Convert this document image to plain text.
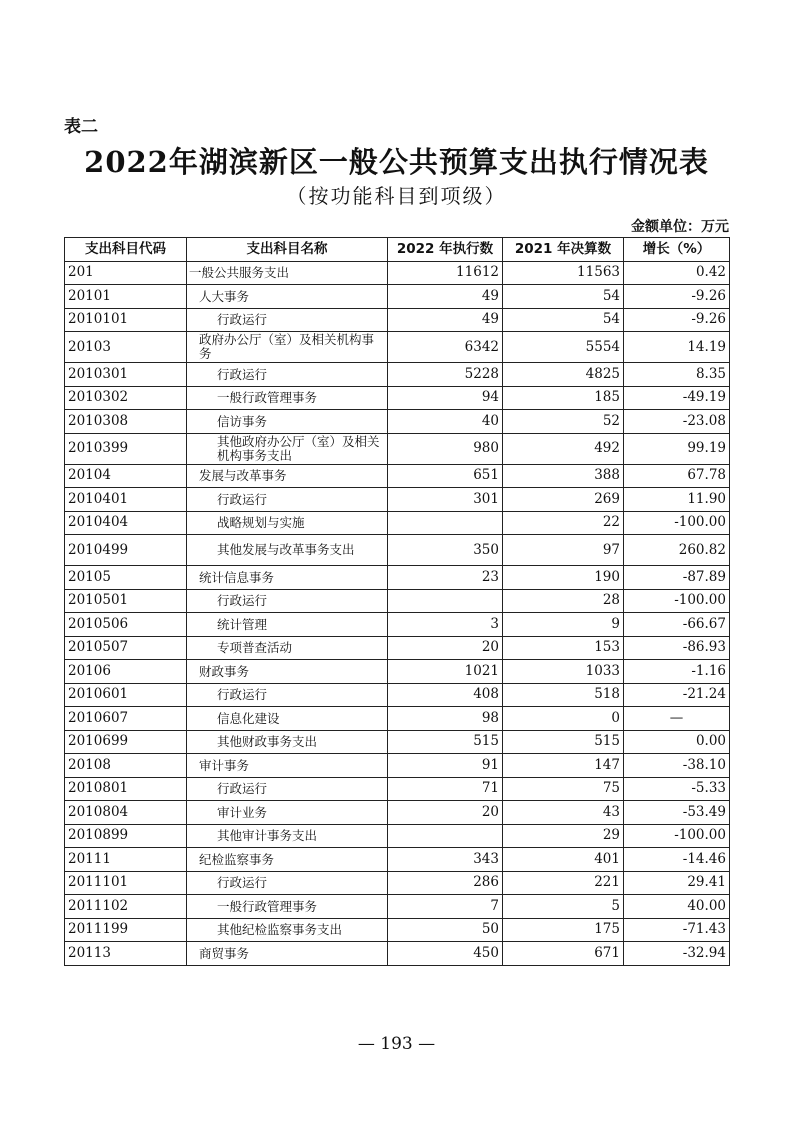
表二
2022年湖滨新区一般公共预算支出执行情况表
（按功能科目到项级）
金额单位：万元
支出科目代码	支出科目名称	2022 年执行数	2021 年决算数	增长（%）
201	一般公共服务支出	11612	11563	0.42
20101	人大事务	49	54	-9.26
2010101	行政运行	49	54	-9.26
20103	政府办公厅（室）及相关机构事务	6342	5554	14.19
2010301	行政运行	5228	4825	8.35
2010302	一般行政管理事务	94	185	-49.19
2010308	信访事务	40	52	-23.08
2010399	其他政府办公厅（室）及相关机构事务支出	980	492	99.19
20104	发展与改革事务	651	388	67.78
2010401	行政运行	301	269	11.90
2010404	战略规划与实施		22	-100.00
2010499	其他发展与改革事务支出	350	97	260.82
20105	统计信息事务	23	190	-87.89
2010501	行政运行		28	-100.00
2010506	统计管理	3	9	-66.67
2010507	专项普查活动	20	153	-86.93
20106	财政事务	1021	1033	-1.16
2010601	行政运行	408	518	-21.24
2010607	信息化建设	98	0	—
2010699	其他财政事务支出	515	515	0.00
20108	审计事务	91	147	-38.10
2010801	行政运行	71	75	-5.33
2010804	审计业务	20	43	-53.49
2010899	其他审计事务支出		29	-100.00
20111	纪检监察事务	343	401	-14.46
2011101	行政运行	286	221	29.41
2011102	一般行政管理事务	7	5	40.00
2011199	其他纪检监察事务支出	50	175	-71.43
20113	商贸事务	450	671	-32.94
— 193 —
